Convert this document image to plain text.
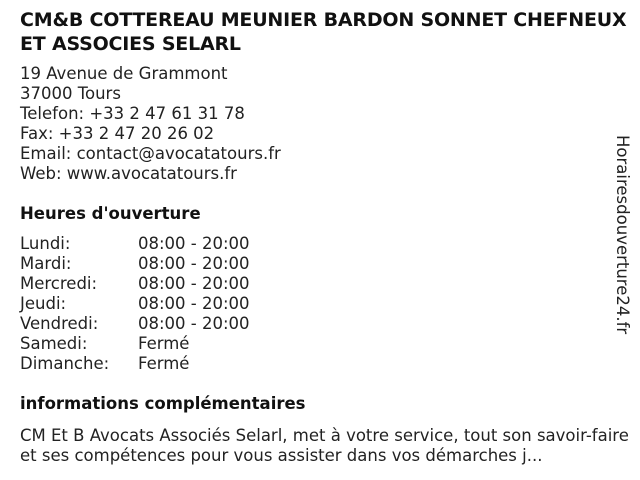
CM&B COTTEREAU MEUNIER BARDON SONNET CHEFNEUX ET ASSOCIES SELARL
19 Avenue de Grammont
37000 Tours
Telefon: +33 2 47 61 31 78
Fax: +33 2 47 20 26 02
Email: contact@avocatatours.fr
Web: www.avocatatours.fr
Heures d'ouverture
Lundi:	08:00 - 20:00
Mardi:	08:00 - 20:00
Mercredi: 08:00 - 20:00
Jeudi:	08:00 - 20:00
Vendredi: 08:00 - 20:00
Samedi:	Fermé
Dimanche: Fermé
informations complémentaires

CM Et B Avocats Associés Selarl, met à votre service, tout son savoir-faire et ses compétences pour vous assister dans vos démarches j...

Horairesdouverture24.fr
